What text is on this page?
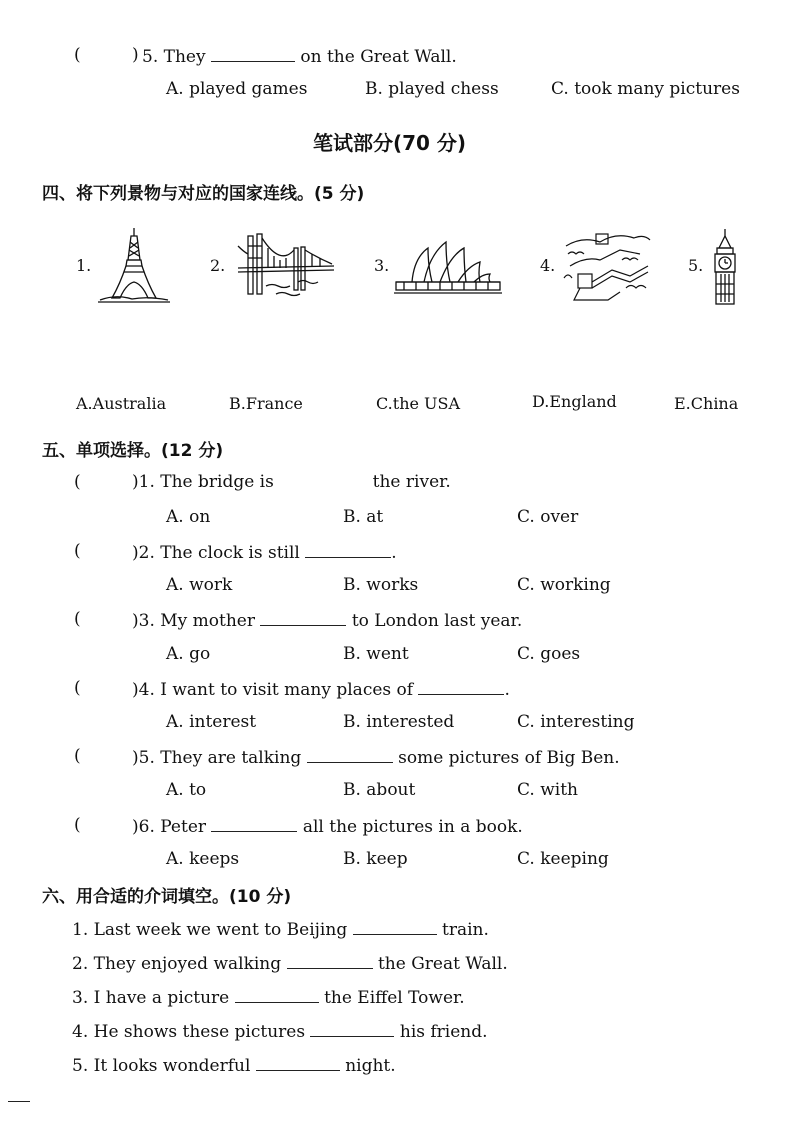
(	) 5. They	on the Great Wall.
A. played games	B. played chess	C. took many pictures
笔试部分(70 分)
四、将下列景物与对应的国家连线。(5 分)
1.	2.	3.	4.	5.
A.Australia	B.France	C.the USA	D.England	E.China
五、单项选择。(12 分)
(	)1. The bridge is	the river.
A. on	B. at	C. over
(	)2. The clock is still	.
A. work	B. works	C. working
(	)3. My mother	to London last year.
A. go	B. went	C. goes
(	)4. I want to visit many places of	.
A. interest	B. interested	C. interesting
(	)5. They are talking	some pictures of Big Ben.
A. to	B. about	C. with
(	)6. Peter	all the pictures in a book.
A. keeps	B. keep	C. keeping
六、用合适的介词填空。(10 分)
1. Last week we went to Beijing	train.
2. They enjoyed walking	the Great Wall.
3. I have a picture	the Eiffel Tower.
4. He shows these pictures	his friend.
5. It looks wonderful	night.
